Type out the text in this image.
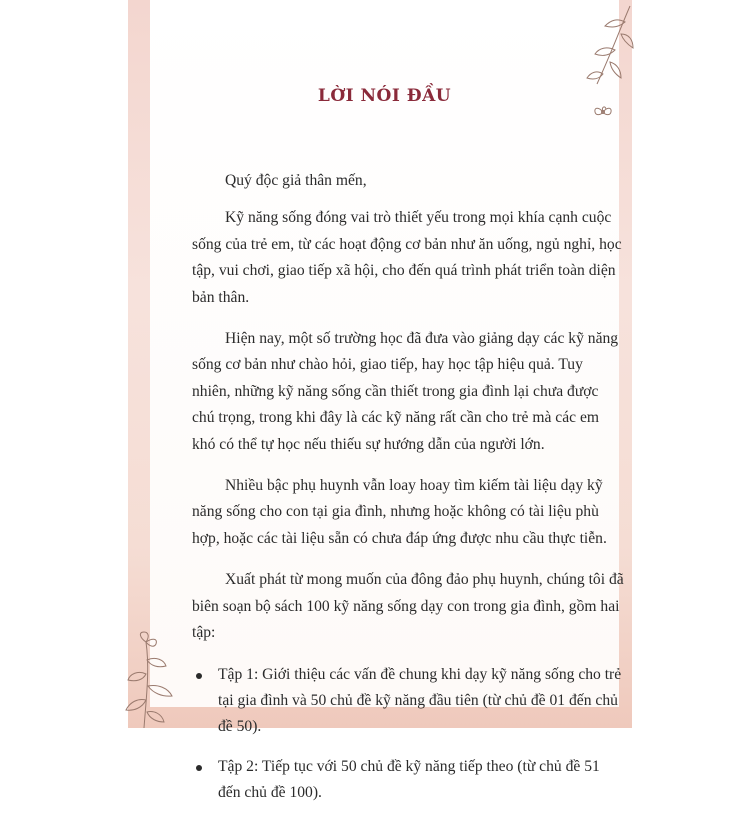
LỜI NÓI ĐẦU

Quý độc giả thân mến,

Kỹ năng sống đóng vai trò thiết yếu trong mọi khía cạnh cuộc sống của trẻ em, từ các hoạt động cơ bản như ăn uống, ngủ nghỉ, học tập, vui chơi, giao tiếp xã hội, cho đến quá trình phát triển toàn diện bản thân.

Hiện nay, một số trường học đã đưa vào giảng dạy các kỹ năng sống cơ bản như chào hỏi, giao tiếp, hay học tập hiệu quả. Tuy nhiên, những kỹ năng sống cần thiết trong gia đình lại chưa được chú trọng, trong khi đây là các kỹ năng rất cần cho trẻ mà các em khó có thể tự học nếu thiếu sự hướng dẫn của người lớn.

Nhiều bậc phụ huynh vẫn loay hoay tìm kiếm tài liệu dạy kỹ năng sống cho con tại gia đình, nhưng hoặc không có tài liệu phù hợp, hoặc các tài liệu sẵn có chưa đáp ứng được nhu cầu thực tiễn.

Xuất phát từ mong muốn của đông đảo phụ huynh, chúng tôi đã biên soạn bộ sách 100 kỹ năng sống dạy con trong gia đình, gồm hai tập:

Tập 1: Giới thiệu các vấn đề chung khi dạy kỹ năng sống cho trẻ tại gia đình và 50 chủ đề kỹ năng đầu tiên (từ chủ đề 01 đến chủ đề 50).
Tập 2: Tiếp tục với 50 chủ đề kỹ năng tiếp theo (từ chủ đề 51 đến chủ đề 100).
